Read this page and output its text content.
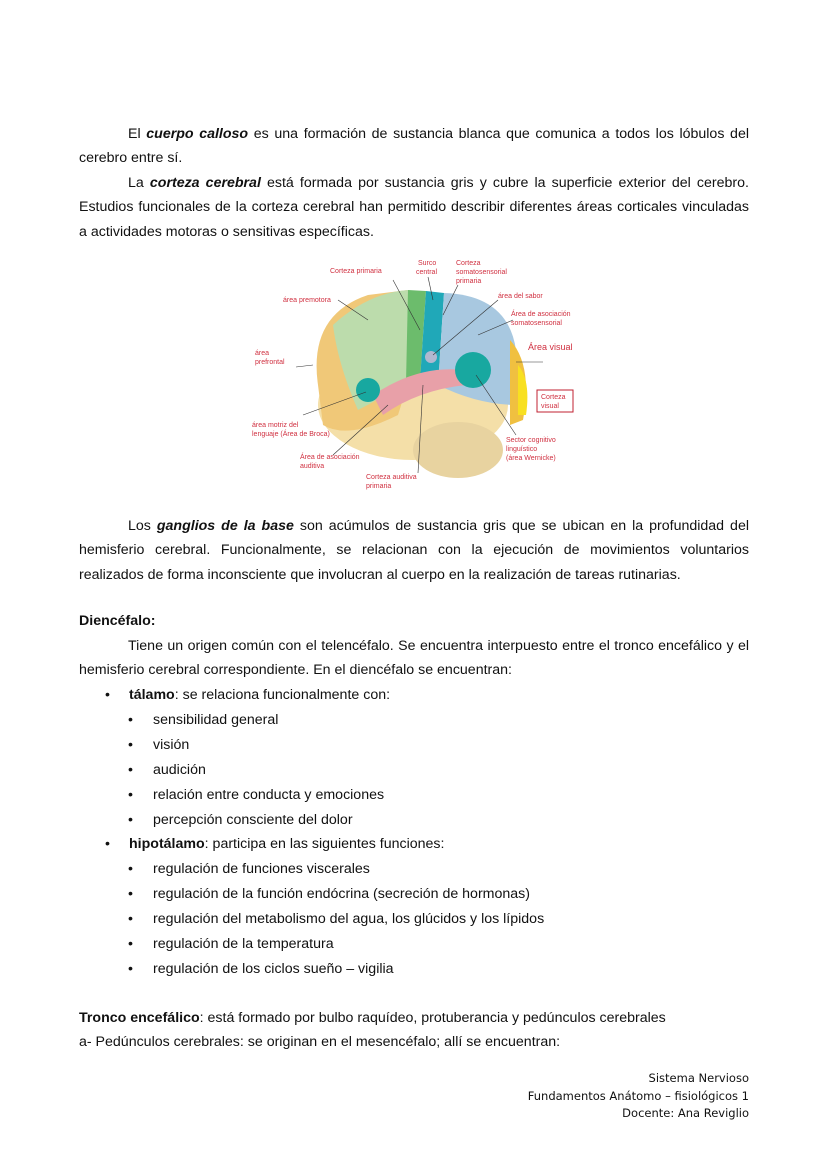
El cuerpo calloso es una formación de sustancia blanca que comunica a todos los lóbulos del cerebro entre sí.

La corteza cerebral está formada por sustancia gris y cubre la superficie exterior del cerebro. Estudios funcionales de la corteza cerebral han permitido describir diferentes áreas corticales vinculadas a actividades motoras o sensitivas específicas.

Corteza primaria
Surco
central
Corteza
somatosensorial
primaria
área premotora
área del sabor
Área de asociación
somatosensorial
Área visual
área
prefrontal
Corteza
visual
área motriz del
lenguaje (Área de Broca)
Sector cognitivo
linguístico
(área Wernicke)
Área de asociación
auditiva
Corteza auditiva
primaria

Los ganglios de la base son acúmulos de sustancia gris que se ubican en la profundidad del hemisferio cerebral. Funcionalmente, se relacionan con la ejecución de movimientos voluntarios realizados de forma inconsciente que involucran al cuerpo en la realización de tareas rutinarias.

Diencéfalo:

Tiene un origen común con el telencéfalo. Se encuentra interpuesto entre el tronco encefálico y el hemisferio cerebral correspondiente. En el diencéfalo se encuentran:

• tálamo: se relaciona funcionalmente con:
• sensibilidad general
• visión
• audición
• relación entre conducta y emociones
• percepción consciente del dolor
• hipotálamo: participa en las siguientes funciones:
• regulación de funciones viscerales
• regulación de la función endócrina (secreción de hormonas)
• regulación del metabolismo del agua, los glúcidos y los lípidos
• regulación de la temperatura
• regulación de los ciclos sueño – vigilia

Tronco encefálico: está formado por bulbo raquídeo, protuberancia y pedúnculos cerebrales
a- Pedúnculos cerebrales: se originan en el mesencéfalo; allí se encuentran:

Sistema Nervioso
Fundamentos Anátomo – fisiológicos 1
Docente: Ana Reviglio
